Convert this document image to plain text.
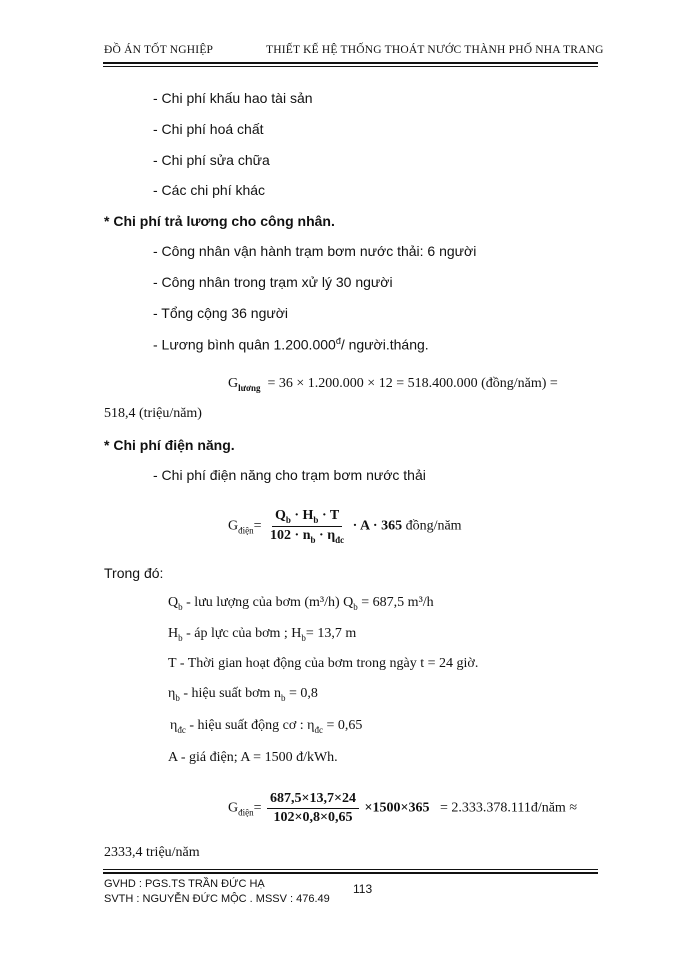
ĐỒ ÁN TỐT NGHIỆP	THIẾT KẾ HỆ THỐNG THOÁT NƯỚC THÀNH PHỐ NHA TRANG
- Chi phí khấu hao tài sản
- Chi phí hoá chất
- Chi phí sửa chữa
- Các chi phí khác
* Chi phí trả lương cho công nhân.
- Công nhân vận hành trạm bơm nước thải: 6 người
- Công nhân trong trạm xử lý 30 người
- Tổng cộng 36 người
- Lương bình quân $1.200.000^đ/$ người.tháng.
$G_{lương} = 36 \times 1.200.000 \times 12 = 518.400.000$ (đồng/năm) =
518,4 (triệu/năm)
* Chi phí điện năng.
- Chi phí điện năng cho trạm bơm nước thải
$G_{điện}= \frac{Q_b \cdot H_b \cdot T}{102 \cdot n_b \cdot \eta_{đc}} \cdot A \cdot 365$ đồng/năm
Trong đó:
$Q_b$ - lưu lượng của bơm (m³/h) $Q_b = 687,5$ m³/h
$H_b$ - áp lực của bơm ; $H_b= 13,7$ m
T - Thời gian hoạt động của bơm trong ngày t = 24 giờ.
$\eta_b$ - hiệu suất bơm $n_b = 0,8$
$\eta_{đc}$ - hiệu suất động cơ : $\eta_{đc} = 0,65$
A - giá điện; A = 1500 đ/kWh.
$G_{điện}= \frac{687,5\times 13,7\times 24}{102\times 0,8\times 0,65} \times 1500\times 365$ = 2.333.378.111đ/năm ≈
2333,4 triệu/năm
GVHD : PGS.TS TRẦN ĐỨC HẠ
SVTH : NGUYỄN ĐỨC MỘC . MSSV : 476.49
113
